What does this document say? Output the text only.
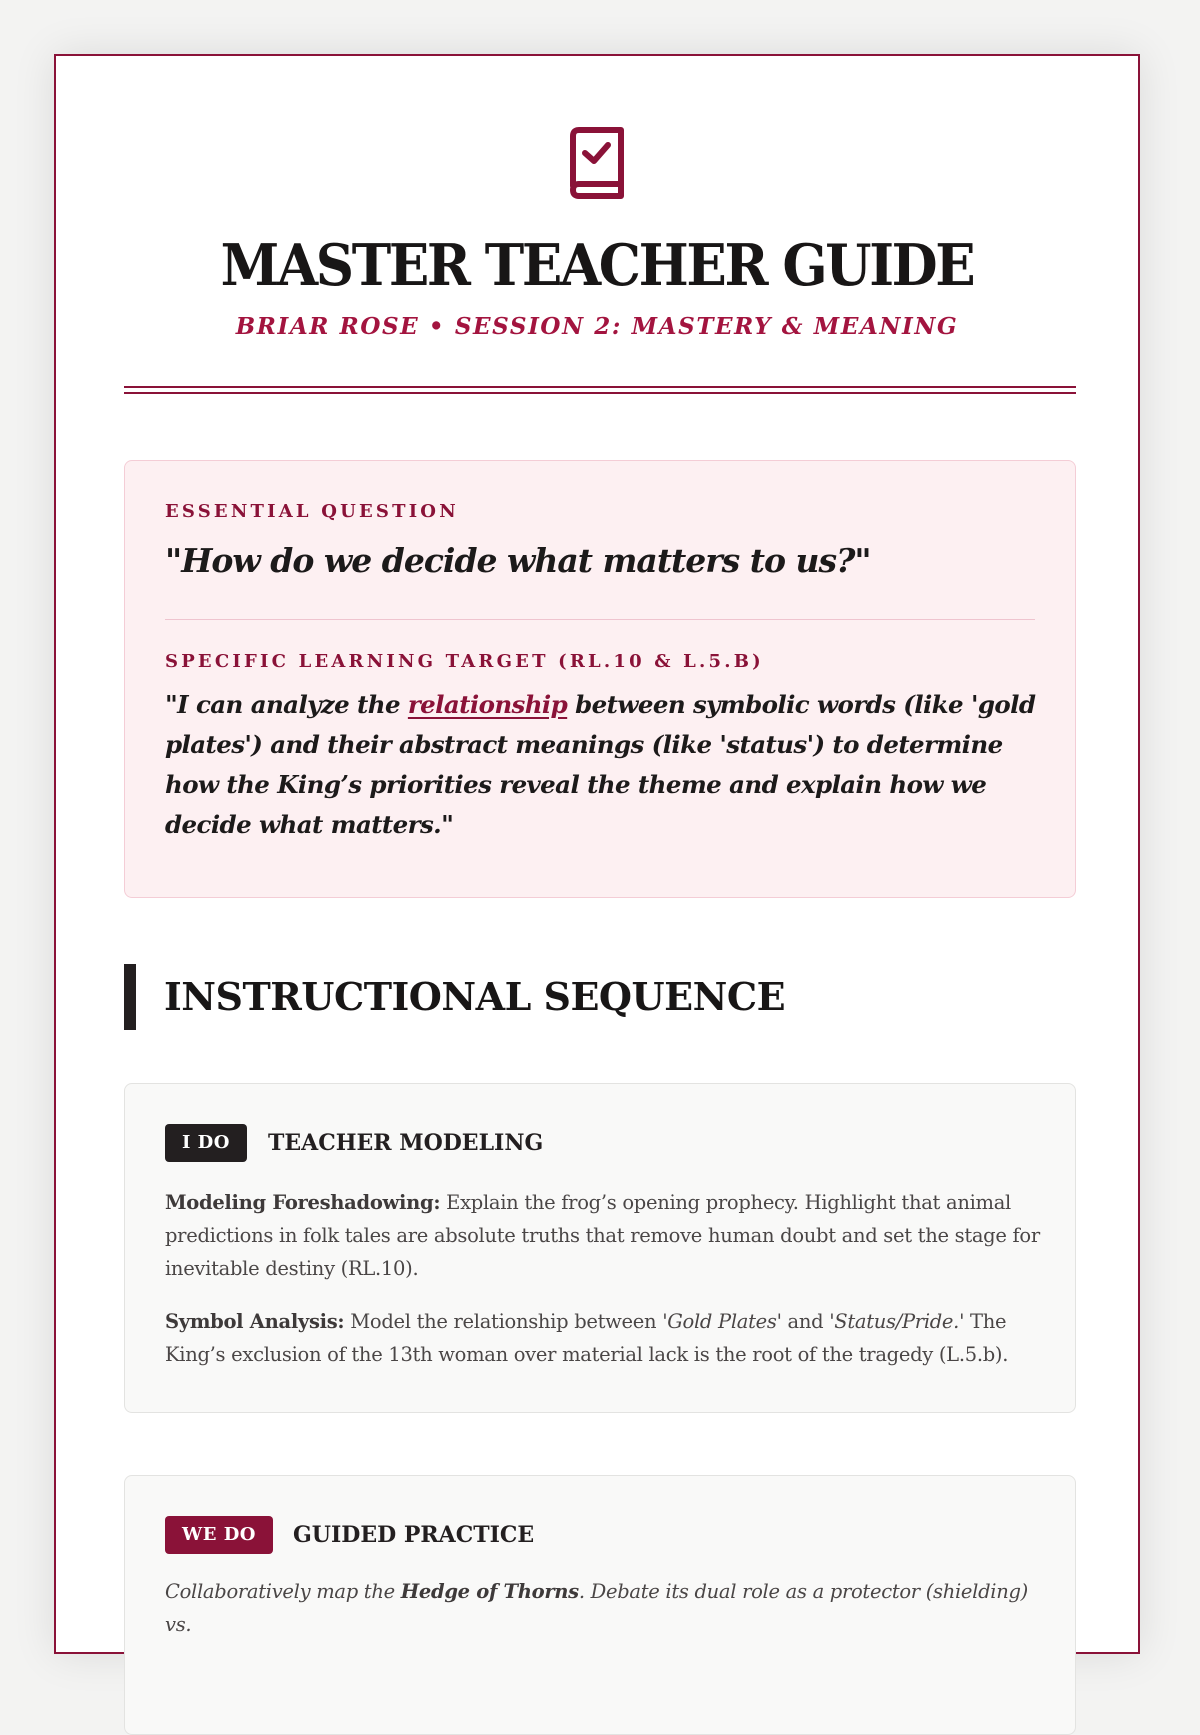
MASTER TEACHER GUIDE
BRIAR ROSE • SESSION 2: MASTERY & MEANING
ESSENTIAL QUESTION
"How do we decide what matters to us?"
SPECIFIC LEARNING TARGET (RL.10 & L.5.B)
"I can analyze the relationship between symbolic words (like 'gold plates') and their abstract meanings (like 'status') to determine how the King’s priorities reveal the theme and explain how we decide what matters."
INSTRUCTIONAL SEQUENCE
I DO	TEACHER MODELING
Modeling Foreshadowing: Explain the frog’s opening prophecy. Highlight that animal predictions in folk tales are absolute truths that remove human doubt and set the stage for inevitable destiny (RL.10).
Symbol Analysis: Model the relationship between 'Gold Plates' and 'Status/Pride.' The King’s exclusion of the 13th woman over material lack is the root of the tragedy (L.5.b).
WE DO	GUIDED PRACTICE
Collaboratively map the Hedge of Thorns. Debate its dual role as a protector (shielding) vs.
